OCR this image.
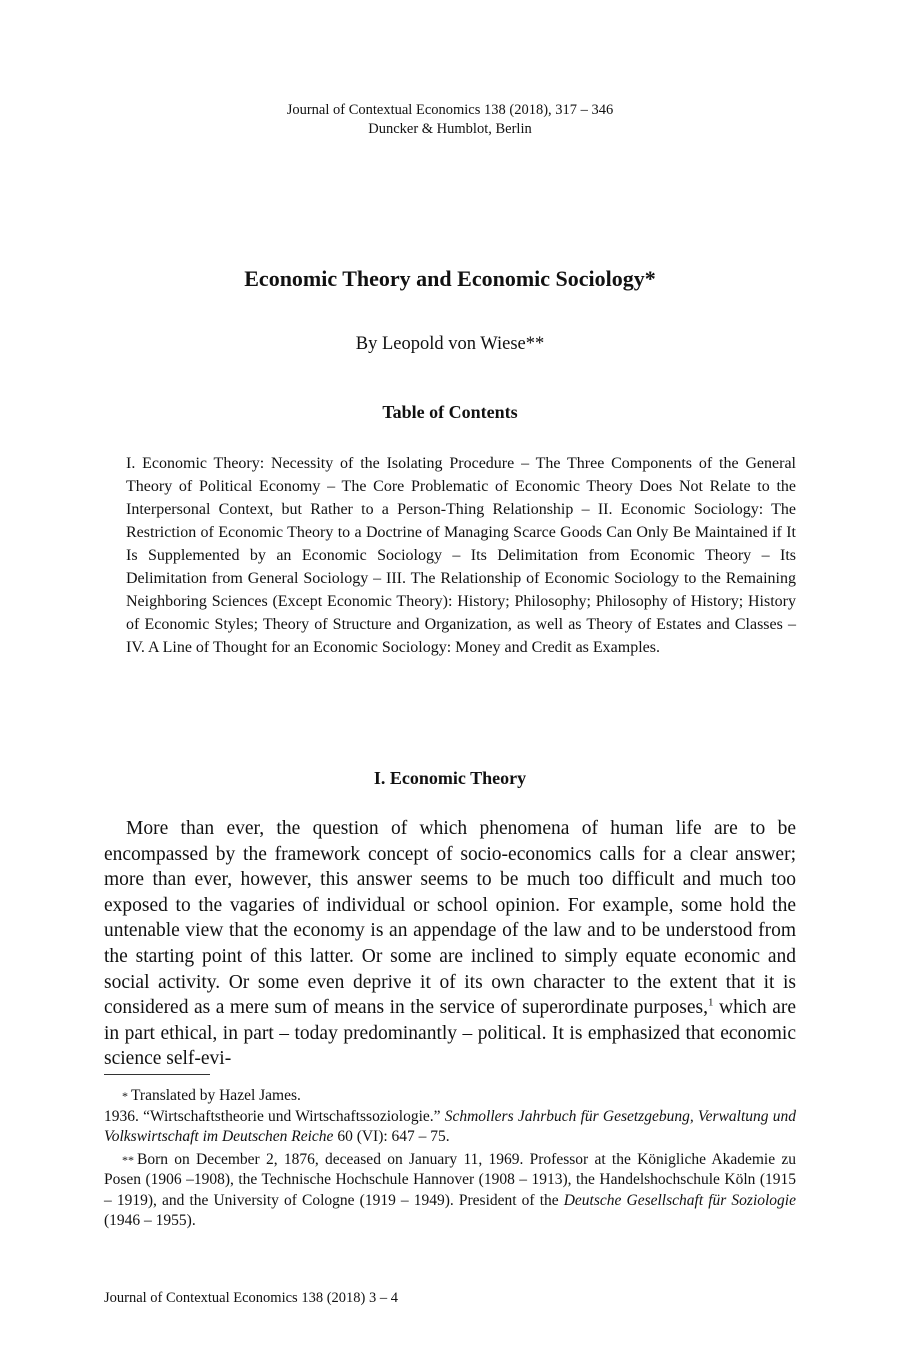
Journal of Contextual Economics 138 (2018), 317 – 346
Duncker & Humblot, Berlin
Economic Theory and Economic Sociology*
By Leopold von Wiese**
Table of Contents
I. Economic Theory: Necessity of the Isolating Procedure – The Three Components of the General Theory of Political Economy – The Core Problematic of Economic Theory Does Not Relate to the Interpersonal Context, but Rather to a Person-Thing Relationship – II. Economic Sociology: The Restriction of Economic Theory to a Doctrine of Managing Scarce Goods Can Only Be Maintained if It Is Supplemented by an Economic Sociology – Its Delimitation from Economic Theory – Its Delimitation from General Sociology – III. The Relationship of Economic Sociology to the Remaining Neighboring Sciences (Except Economic Theory): History; Philosophy; Philosophy of History; History of Economic Styles; Theory of Structure and Organization, as well as Theory of Estates and Classes – IV. A Line of Thought for an Economic Sociology: Money and Credit as Examples.
I. Economic Theory
More than ever, the question of which phenomena of human life are to be encompassed by the framework concept of socio-economics calls for a clear answer; more than ever, however, this answer seems to be much too difficult and much too exposed to the vagaries of individual or school opinion. For example, some hold the untenable view that the economy is an appendage of the law and to be understood from the starting point of this latter. Or some are inclined to simply equate economic and social activity. Or some even deprive it of its own character to the extent that it is considered as a mere sum of means in the service of superordinate purposes,$^1$ which are in part ethical, in part – today predominantly – political. It is emphasized that economic science self-evi-
* Translated by Hazel James.
1936. “Wirtschaftstheorie und Wirtschaftssoziologie.” Schmollers Jahrbuch für Gesetzgebung, Verwaltung und Volkswirtschaft im Deutschen Reiche 60 (VI): 647 – 75.
** Born on December 2, 1876, deceased on January 11, 1969. Professor at the Königliche Akademie zu Posen (1906 –1908), the Technische Hochschule Hannover (1908 – 1913), the Handelshochschule Köln (1915 – 1919), and the University of Cologne (1919 – 1949). President of the Deutsche Gesellschaft für Soziologie (1946 – 1955).
Journal of Contextual Economics 138 (2018) 3 – 4
